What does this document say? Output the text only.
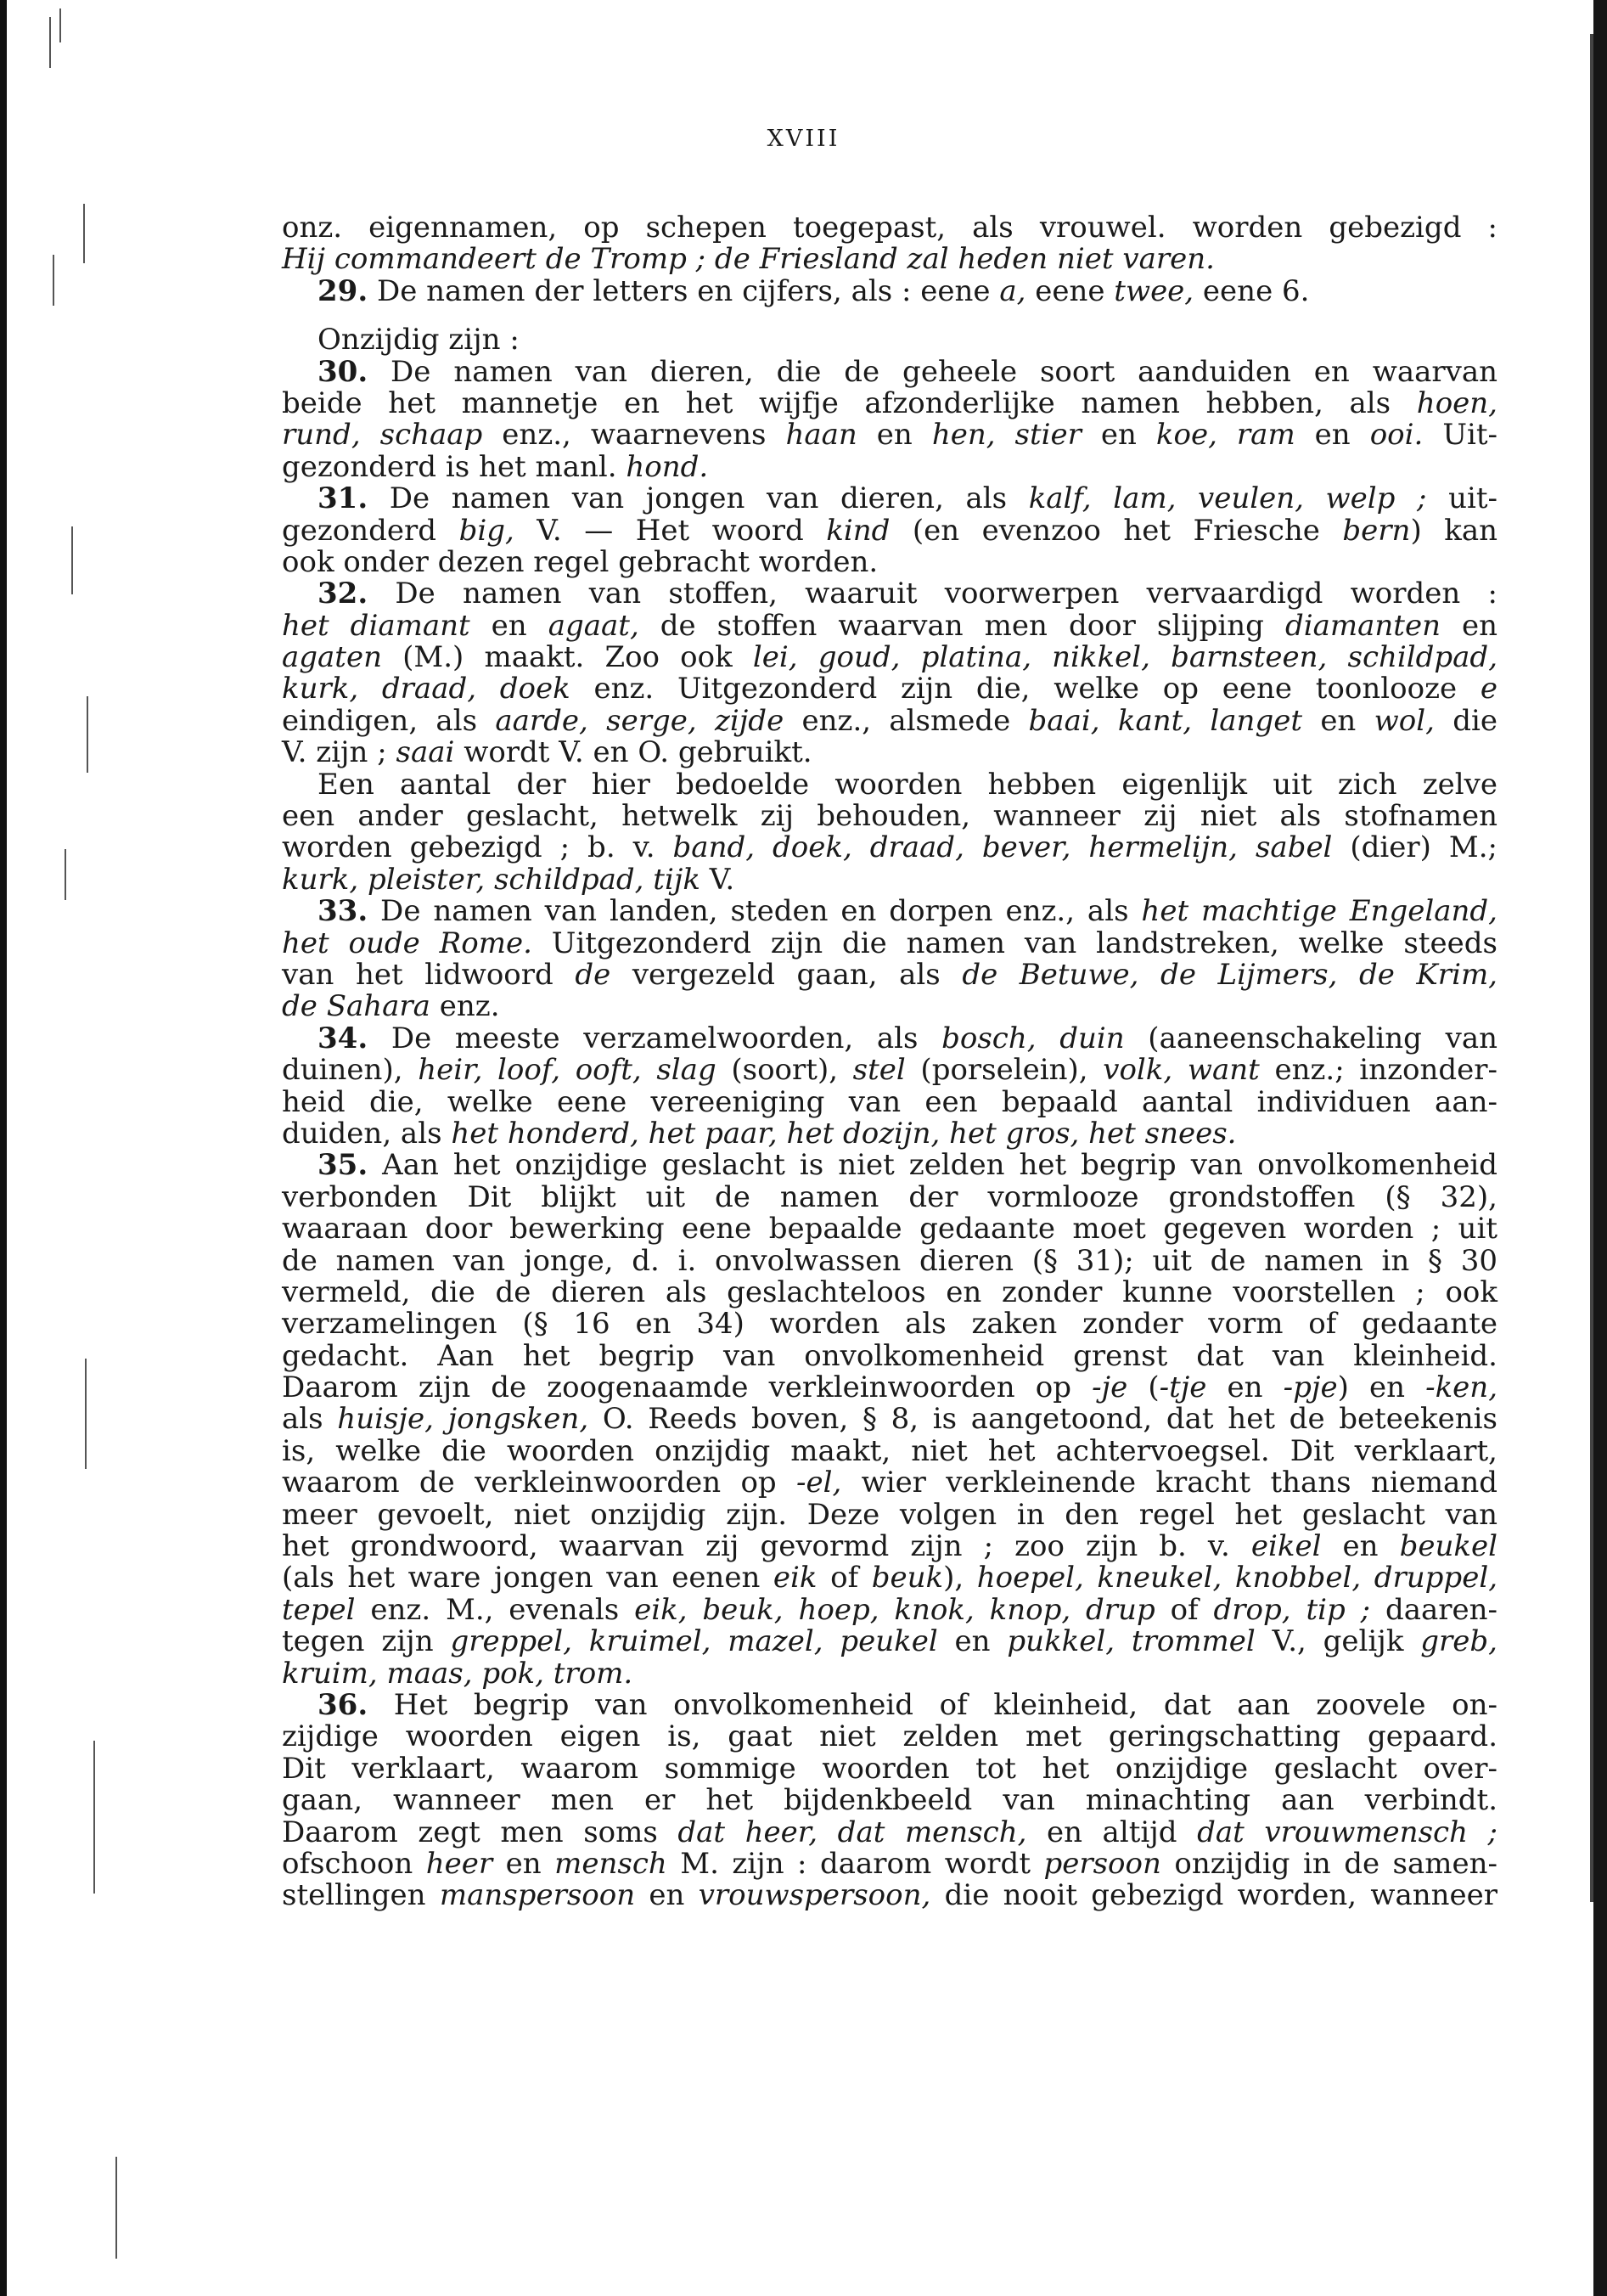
XVIII
onz. eigennamen, op schepen toegepast, als vrouwel. worden gebezigd :
Hij commandeert de Tromp ; de Friesland zal heden niet varen.
29. De namen der letters en cijfers, als : eene a, eene twee, eene 6.
Onzijdig zijn :
30. De namen van dieren, die de geheele soort aanduiden en waarvan
beide het mannetje en het wijfje afzonderlijke namen hebben, als hoen,
rund, schaap enz., waarnevens haan en hen, stier en koe, ram en ooi. Uit-
gezonderd is het manl. hond.
31. De namen van jongen van dieren, als kalf, lam, veulen, welp ; uit-
gezonderd big, V. — Het woord kind (en evenzoo het Friesche bern) kan
ook onder dezen regel gebracht worden.
32. De namen van stoffen, waaruit voorwerpen vervaardigd worden :
het diamant en agaat, de stoffen waarvan men door slijping diamanten en
agaten (M.) maakt. Zoo ook lei, goud, platina, nikkel, barnsteen, schildpad,
kurk, draad, doek enz. Uitgezonderd zijn die, welke op eene toonlooze e
eindigen, als aarde, serge, zijde enz., alsmede baai, kant, langet en wol, die
V. zijn ; saai wordt V. en O. gebruikt.
Een aantal der hier bedoelde woorden hebben eigenlijk uit zich zelve
een ander geslacht, hetwelk zij behouden, wanneer zij niet als stofnamen
worden gebezigd ; b. v. band, doek, draad, bever, hermelijn, sabel (dier) M.;
kurk, pleister, schildpad, tijk V.
33. De namen van landen, steden en dorpen enz., als het machtige Engeland,
het oude Rome. Uitgezonderd zijn die namen van landstreken, welke steeds
van het lidwoord de vergezeld gaan, als de Betuwe, de Lijmers, de Krim,
de Sahara enz.
34. De meeste verzamelwoorden, als bosch, duin (aaneenschakeling van
duinen), heir, loof, ooft, slag (soort), stel (porselein), volk, want enz.; inzonder-
heid die, welke eene vereeniging van een bepaald aantal individuen aan-
duiden, als het honderd, het paar, het dozijn, het gros, het snees.
35. Aan het onzijdige geslacht is niet zelden het begrip van onvolkomenheid
verbonden Dit blijkt uit de namen der vormlooze grondstoffen (§ 32),
waaraan door bewerking eene bepaalde gedaante moet gegeven worden ; uit
de namen van jonge, d. i. onvolwassen dieren (§ 31); uit de namen in § 30
vermeld, die de dieren als geslachteloos en zonder kunne voorstellen ; ook
verzamelingen (§ 16 en 34) worden als zaken zonder vorm of gedaante
gedacht. Aan het begrip van onvolkomenheid grenst dat van kleinheid.
Daarom zijn de zoogenaamde verkleinwoorden op -je (-tje en -pje) en -ken,
als huisje, jongsken, O. Reeds boven, § 8, is aangetoond, dat het de beteekenis
is, welke die woorden onzijdig maakt, niet het achtervoegsel. Dit verklaart,
waarom de verkleinwoorden op -el, wier verkleinende kracht thans niemand
meer gevoelt, niet onzijdig zijn. Deze volgen in den regel het geslacht van
het grondwoord, waarvan zij gevormd zijn ; zoo zijn b. v. eikel en beukel
(als het ware jongen van eenen eik of beuk), hoepel, kneukel, knobbel, druppel,
tepel enz. M., evenals eik, beuk, hoep, knok, knop, drup of drop, tip ; daaren-
tegen zijn greppel, kruimel, mazel, peukel en pukkel, trommel V., gelijk greb,
kruim, maas, pok, trom.
36. Het begrip van onvolkomenheid of kleinheid, dat aan zoovele on-
zijdige woorden eigen is, gaat niet zelden met geringschatting gepaard.
Dit verklaart, waarom sommige woorden tot het onzijdige geslacht over-
gaan, wanneer men er het bijdenkbeeld van minachting aan verbindt.
Daarom zegt men soms dat heer, dat mensch, en altijd dat vrouwmensch ;
ofschoon heer en mensch M. zijn : daarom wordt persoon onzijdig in de samen-
stellingen manspersoon en vrouwspersoon, die nooit gebezigd worden, wanneer
